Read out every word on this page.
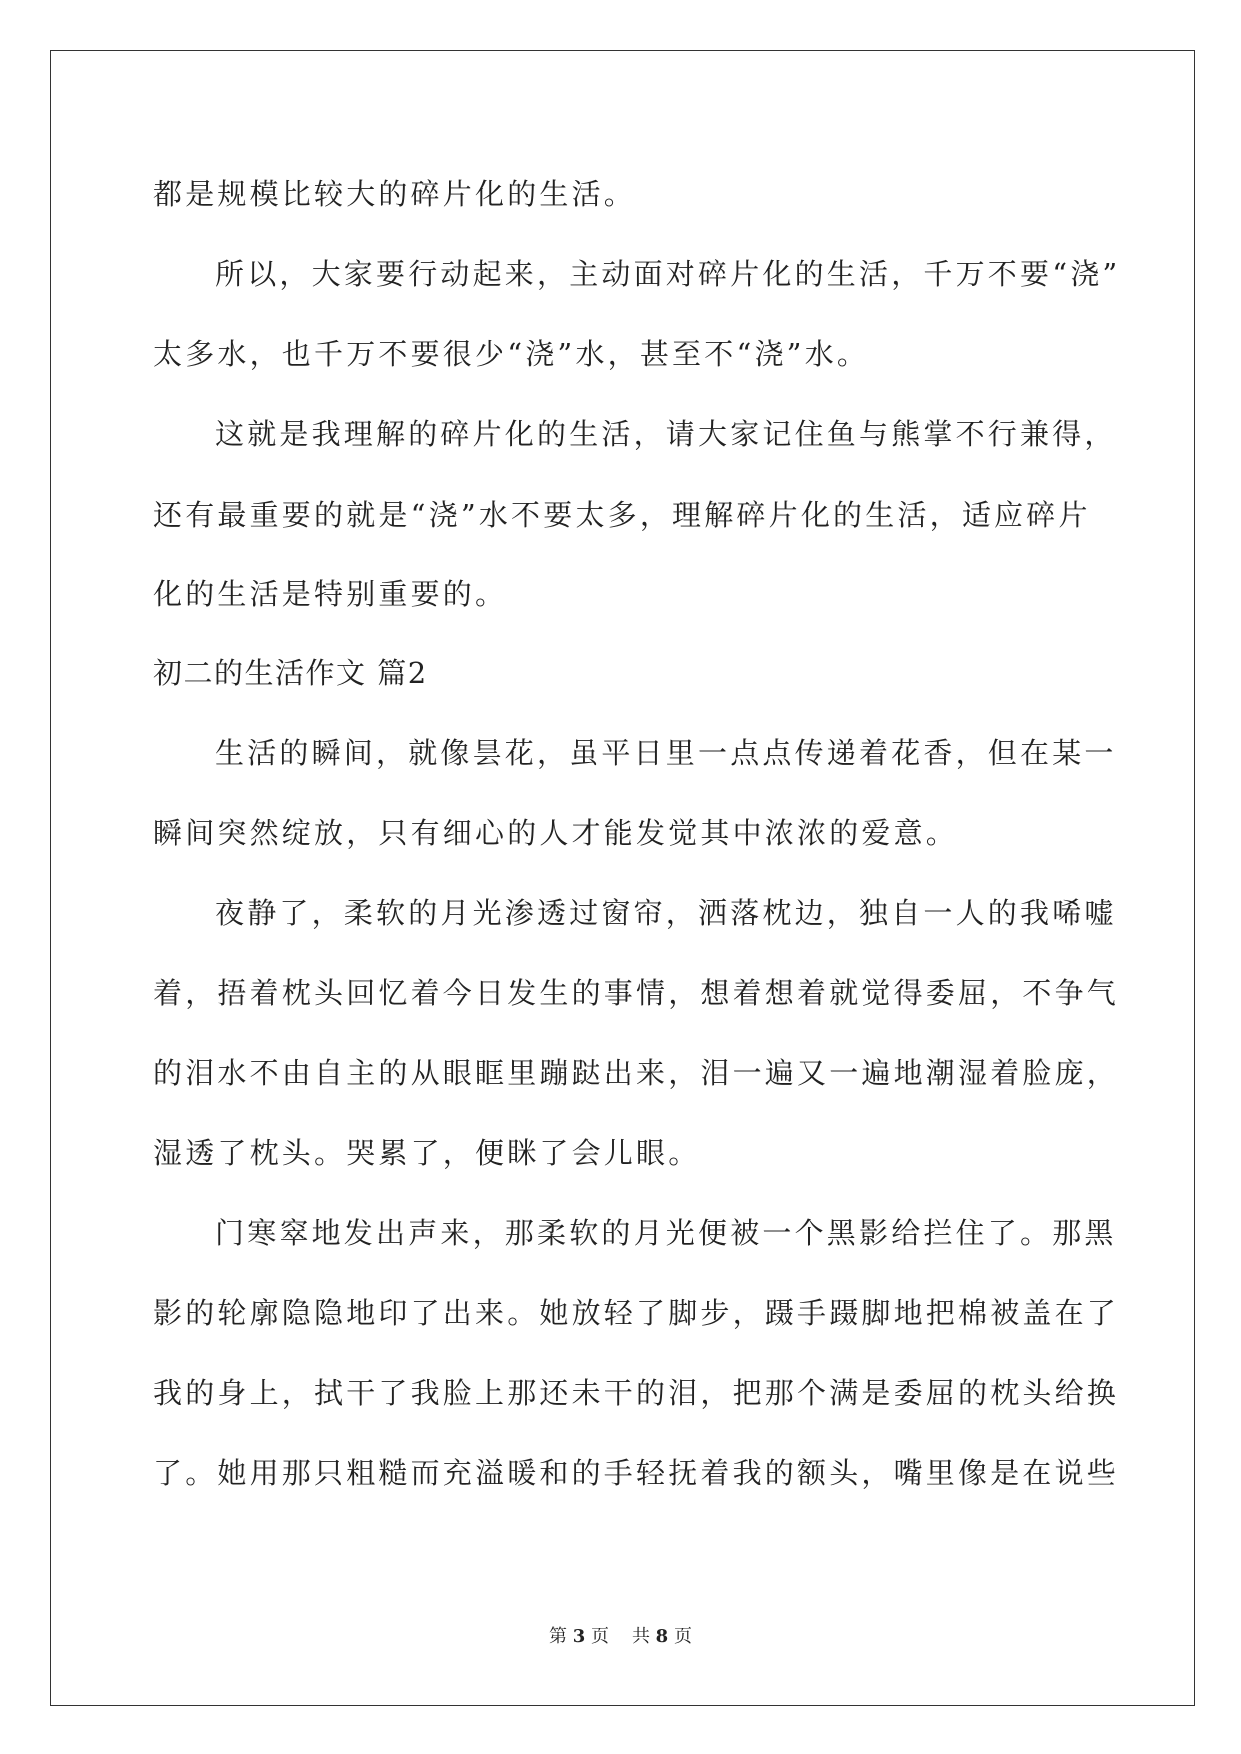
都是规模比较大的碎片化的生活。
所以，大家要行动起来，主动面对碎片化的生活，千万不要“浇”
太多水，也千万不要很少“浇”水，甚至不“浇”水。
这就是我理解的碎片化的生活，请大家记住鱼与熊掌不行兼得，
还有最重要的就是“浇”水不要太多，理解碎片化的生活，适应碎片
化的生活是特别重要的。
初二的生活作文 篇2
生活的瞬间，就像昙花，虽平日里一点点传递着花香，但在某一
瞬间突然绽放，只有细心的人才能发觉其中浓浓的爱意。
夜静了，柔软的月光渗透过窗帘，洒落枕边，独自一人的我唏嘘
着，捂着枕头回忆着今日发生的事情，想着想着就觉得委屈，不争气
的泪水不由自主的从眼眶里蹦跶出来，泪一遍又一遍地潮湿着脸庞，
湿透了枕头。哭累了，便眯了会儿眼。
门寒窣地发出声来，那柔软的月光便被一个黑影给拦住了。那黑
影的轮廓隐隐地印了出来。她放轻了脚步，蹑手蹑脚地把棉被盖在了
我的身上，拭干了我脸上那还未干的泪，把那个满是委屈的枕头给换
了。她用那只粗糙而充溢暖和的手轻抚着我的额头，嘴里像是在说些
第 3 页 共 8 页
